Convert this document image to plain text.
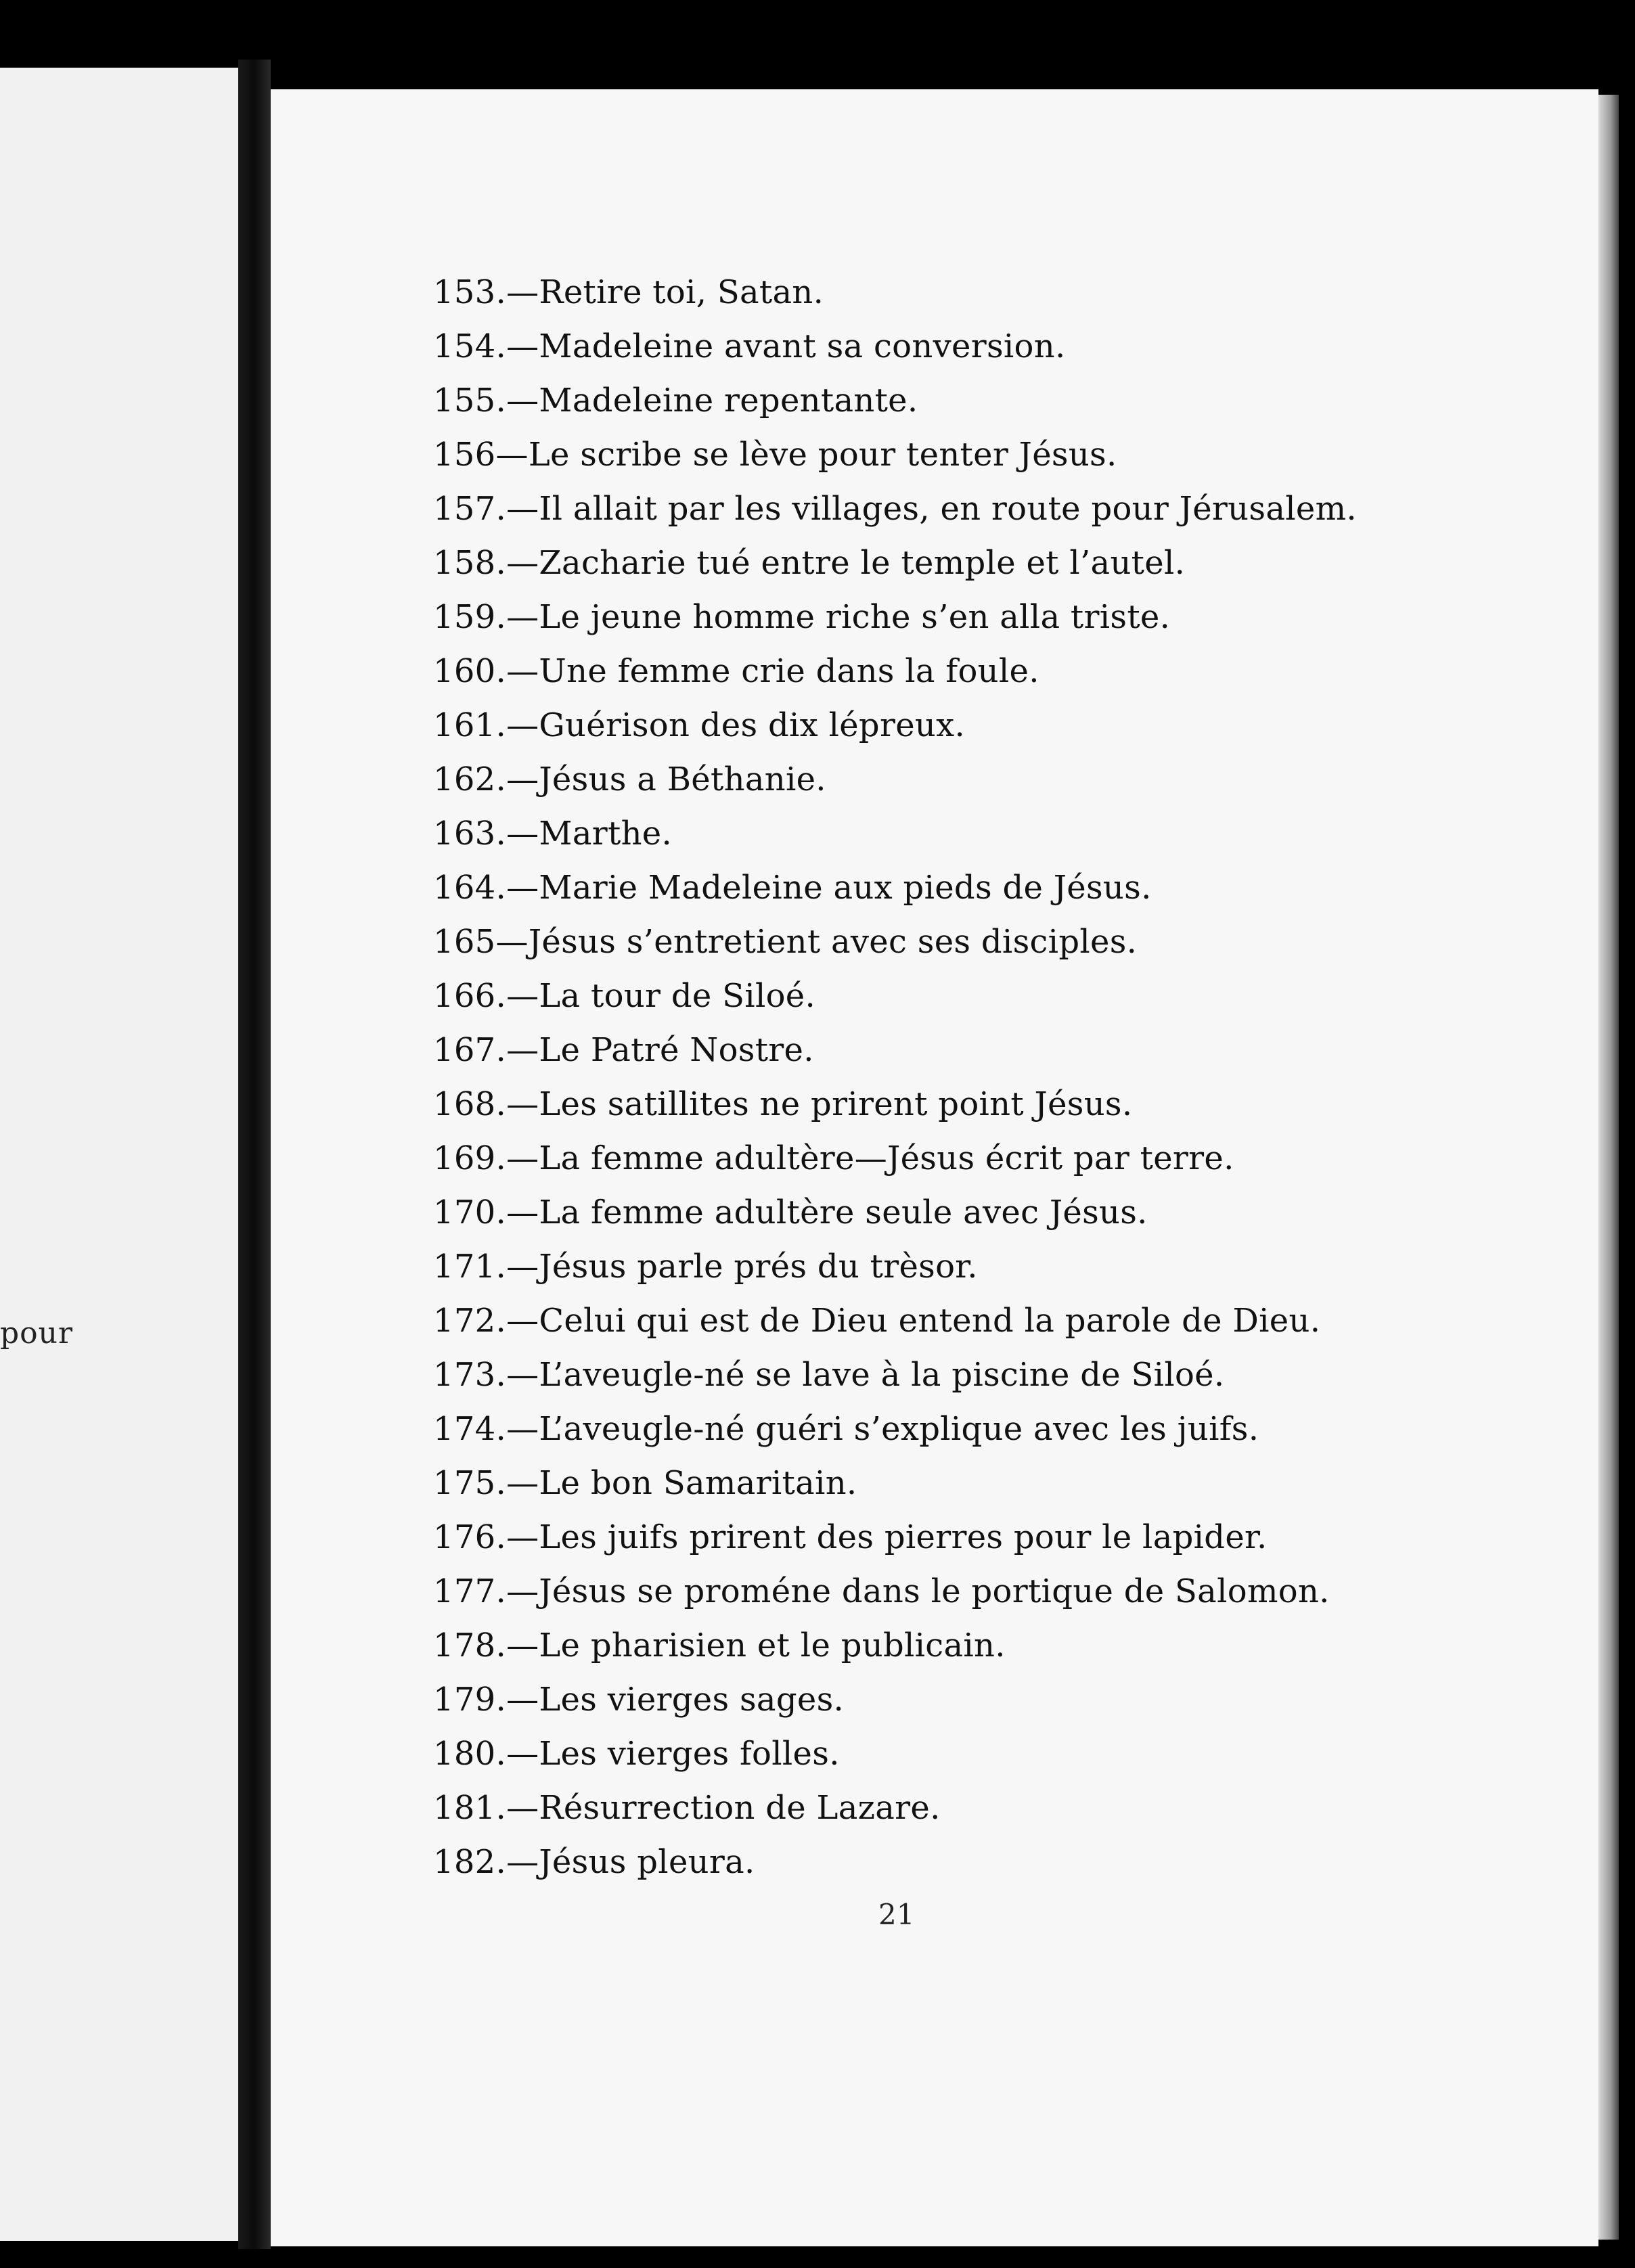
pour
153.—Retire toi, Satan.
154.—Madeleine avant sa conversion.
155.—Madeleine repentante.
156—Le scribe se lève pour tenter Jésus.
157.—Il allait par les villages, en route pour Jérusalem.
158.—Zacharie tué entre le temple et l’autel.
159.—Le jeune homme riche s’en alla triste.
160.—Une femme crie dans la foule.
161.—Guérison des dix lépreux.
162.—Jésus a Béthanie.
163.—Marthe.
164.—Marie Madeleine aux pieds de Jésus.
165—Jésus s’entretient avec ses disciples.
166.—La tour de Siloé.
167.—Le Patré Nostre.
168.—Les satillites ne prirent point Jésus.
169.—La femme adultère—Jésus écrit par terre.
170.—La femme adultère seule avec Jésus.
171.—Jésus parle prés du trèsor.
172.—Celui qui est de Dieu entend la parole de Dieu.
173.—L’aveugle-né se lave à la piscine de Siloé.
174.—L’aveugle-né guéri s’explique avec les juifs.
175.—Le bon Samaritain.
176.—Les juifs prirent des pierres pour le lapider.
177.—Jésus se proméne dans le portique de Salomon.
178.—Le pharisien et le publicain.
179.—Les vierges sages.
180.—Les vierges folles.
181.—Résurrection de Lazare.
182.—Jésus pleura.
21
